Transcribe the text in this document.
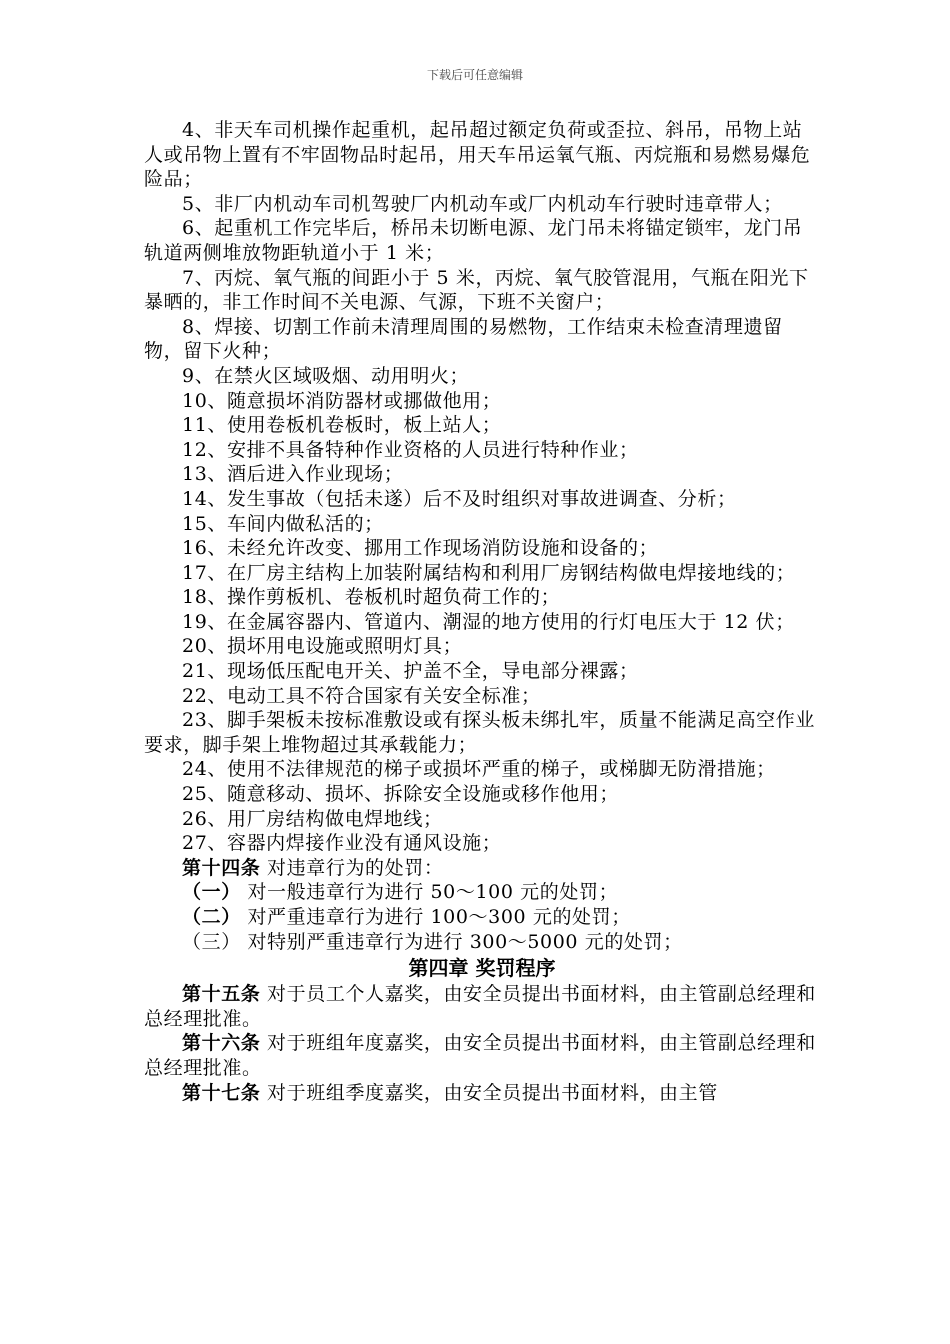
下载后可任意编辑

4、非天车司机操作起重机，起吊超过额定负荷或歪拉、斜吊，吊物上站人或吊物上置有不牢固物品时起吊，用天车吊运氧气瓶、丙烷瓶和易燃易爆危险品；

5、非厂内机动车司机驾驶厂内机动车或厂内机动车行驶时违章带人；

6、起重机工作完毕后，桥吊未切断电源、龙门吊未将锚定锁牢，龙门吊轨道两侧堆放物距轨道小于 1 米；

7、丙烷、氧气瓶的间距小于 5 米，丙烷、氧气胶管混用，气瓶在阳光下暴晒的，非工作时间不关电源、气源，下班不关窗户；

8、焊接、切割工作前未清理周围的易燃物，工作结束未检查清理遗留物，留下火种；

9、在禁火区域吸烟、动用明火；

10、随意损坏消防器材或挪做他用；

11、使用卷板机卷板时，板上站人；

12、安排不具备特种作业资格的人员进行特种作业；

13、酒后进入作业现场；

14、发生事故（包括未遂）后不及时组织对事故进调查、分析；

15、车间内做私活的；

16、未经允许改变、挪用工作现场消防设施和设备的；

17、在厂房主结构上加装附属结构和利用厂房钢结构做电焊接地线的；

18、操作剪板机、卷板机时超负荷工作的；

19、在金属容器内、管道内、潮湿的地方使用的行灯电压大于 12 伏；

20、损坏用电设施或照明灯具；

21、现场低压配电开关、护盖不全，导电部分裸露；

22、电动工具不符合国家有关安全标准；

23、脚手架板未按标准敷设或有探头板未绑扎牢，质量不能满足高空作业要求，脚手架上堆物超过其承载能力；

24、使用不法律规范的梯子或损坏严重的梯子，或梯脚无防滑措施；

25、随意移动、损坏、拆除安全设施或移作他用；

26、用厂房结构做电焊地线；

27、容器内焊接作业没有通风设施；

第十四条 对违章行为的处罚：

（一） 对一般违章行为进行 50～100 元的处罚；

（二） 对严重违章行为进行 100～300 元的处罚；

（三） 对特别严重违章行为进行 300～5000 元的处罚；

第四章 奖罚程序

第十五条 对于员工个人嘉奖，由安全员提出书面材料，由主管副总经理和总经理批准。

第十六条 对于班组年度嘉奖，由安全员提出书面材料，由主管副总经理和总经理批准。

第十七条 对于班组季度嘉奖，由安全员提出书面材料，由主管
